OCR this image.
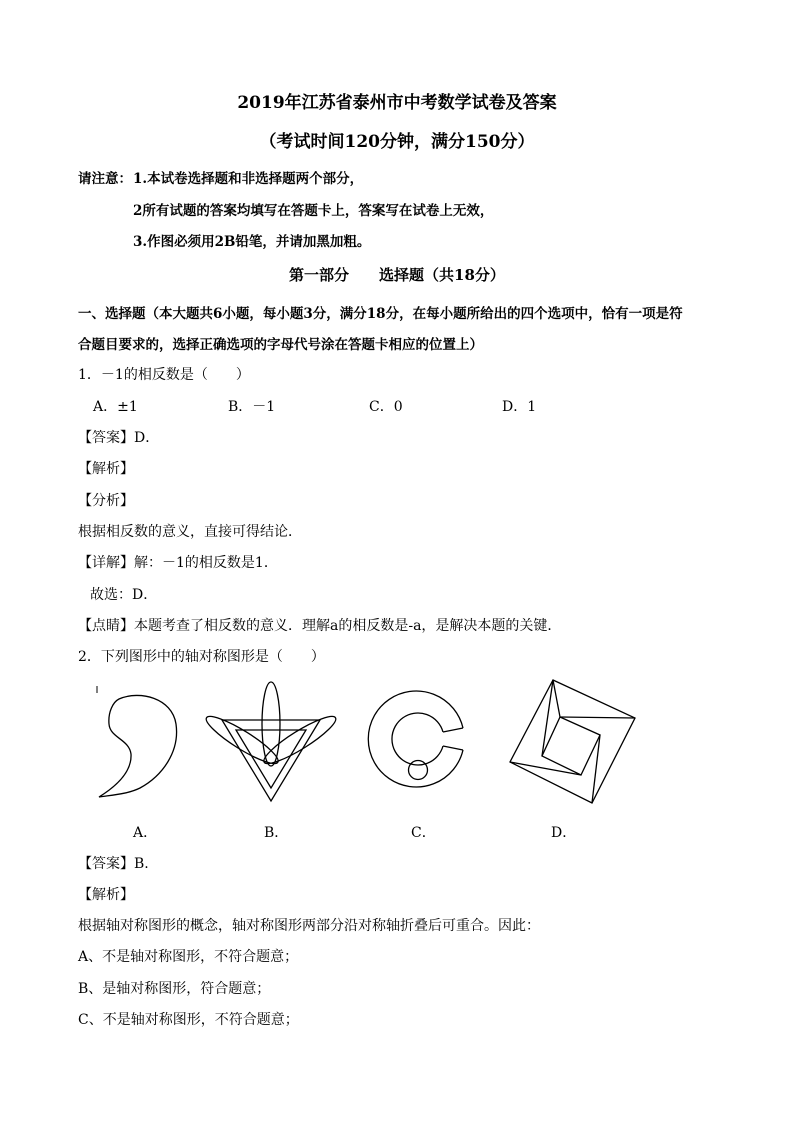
2019年江苏省泰州市中考数学试卷及答案
（考试时间120分钟，满分150分）
请注意： 1.本试卷选择题和非选择题两个部分，
2所有试题的答案均填写在答题卡上，答案写在试卷上无效，
3.作图必须用2B铅笔，并请加黑加粗。
第一部分　　选择题（共18分）
一、选择题（本大题共6小题，每小题3分，满分18分，在每小题所给出的四个选项中，恰有一项是符
合题目要求的，选择正确选项的字母代号涂在答题卡相应的位置上）
1．－1的相反数是（　　）
A．±1	B．－1	C．0	D．1
【答案】D．
【解析】
【分析】
根据相反数的意义，直接可得结论．
【详解】解：－1的相反数是1．
故选：D．
【点睛】本题考查了相反数的意义．理解a的相反数是-a，是解决本题的关键．
2．下列图形中的轴对称图形是（　　）
A．	B．	C．	D．
【答案】B.
【解析】
根据轴对称图形的概念，轴对称图形两部分沿对称轴折叠后可重合。因此：
A、不是轴对称图形，不符合题意；
B、是轴对称图形，符合题意；
C、不是轴对称图形，不符合题意；
